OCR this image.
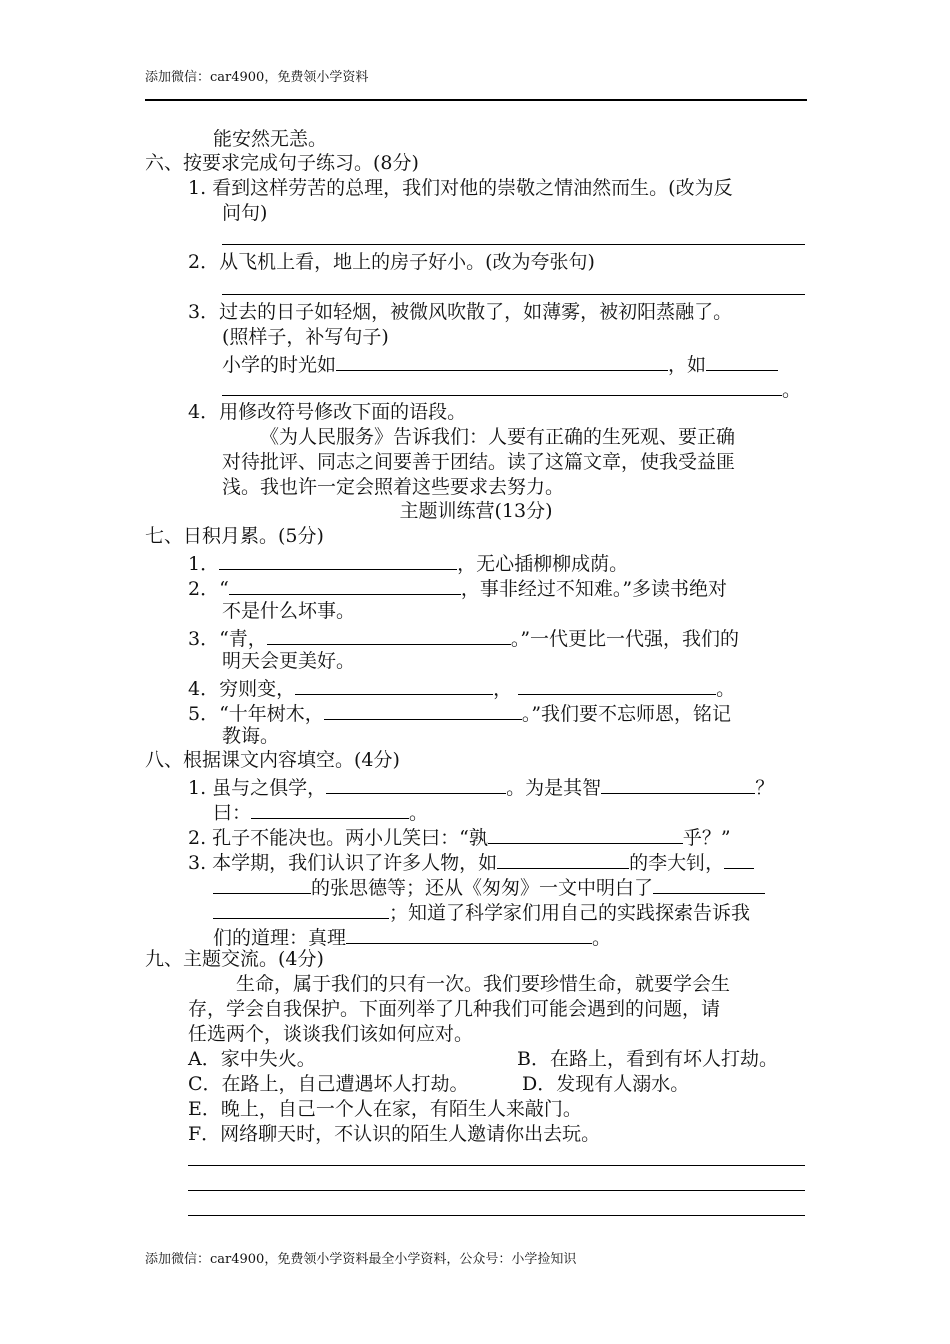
添加微信：car4900，免费领小学资料
能安然无恙。
六、按要求完成句子练习。(8分)
1. 看到这样劳苦的总理，我们对他的崇敬之情油然而生。(改为反
问句)
2．从飞机上看，地上的房子好小。(改为夸张句)
3．过去的日子如轻烟，被微风吹散了，如薄雾，被初阳蒸融了。
(照样子，补写句子)
小学的时光如	，如
。
4．用修改符号修改下面的语段。
《为人民服务》告诉我们：人要有正确的生死观、要正确
对待批评、同志之间要善于团结。读了这篇文章，使我受益匪
浅。我也许一定会照着这些要求去努力。
主题训练营(13分)
七、日积月累。(5分)
1．	，无心插柳柳成荫。
2．“	，事非经过不知难。”多读书绝对
不是什么坏事。
3．“青，	。”一代更比一代强，我们的
明天会更美好。
4．穷则变，	，	。
5．“十年树木，	。”我们要不忘师恩，铭记
教诲。
八、根据课文内容填空。(4分)
1. 虽与之俱学，	。为是其智	？
曰：	。
2. 孔子不能决也。两小儿笑曰：“孰	乎？”
3. 本学期，我们认识了许多人物，如	的李大钊，
的张思德等；还从《匆匆》一文中明白了
；知道了科学家们用自己的实践探索告诉我
们的道理：真理	。
九、主题交流。(4分)
生命，属于我们的只有一次。我们要珍惜生命，就要学会生
存，学会自我保护。下面列举了几种我们可能会遇到的问题，请
任选两个，谈谈我们该如何应对。
A．家中失火。	B．在路上，看到有坏人打劫。
C．在路上，自己遭遇坏人打劫。	D．发现有人溺水。
E．晚上，自己一个人在家，有陌生人来敲门。
F．网络聊天时，不认识的陌生人邀请你出去玩。
添加微信：car4900，免费领小学资料最全小学资料，公众号：小学捡知识
